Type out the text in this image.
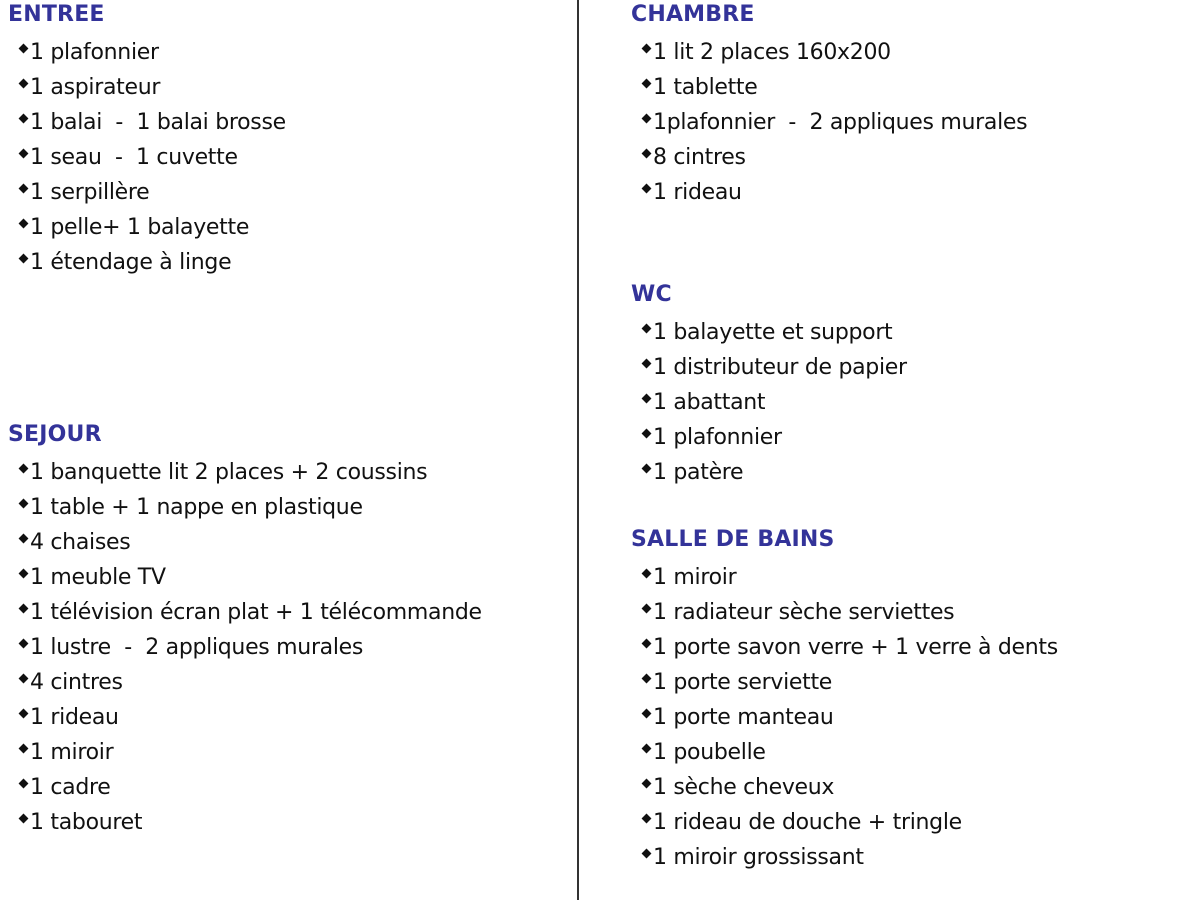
ENTREE
1 plafonnier
1 aspirateur
1 balai  -  1 balai brosse
1 seau  -  1 cuvette
1 serpillère
1 pelle+ 1 balayette
1 étendage à linge
SEJOUR
1 banquette lit 2 places + 2 coussins
1 table + 1 nappe en plastique
4 chaises
1 meuble TV
1 télévision écran plat + 1 télécommande
1 lustre  -  2 appliques murales
4 cintres
1 rideau
1 miroir
1 cadre
1 tabouret
CHAMBRE
1 lit 2 places 160x200
1 tablette
1plafonnier  -  2 appliques murales
8 cintres
1 rideau
WC
1 balayette et support
1 distributeur de papier
1 abattant
1 plafonnier
1 patère
SALLE DE BAINS
1 miroir
1 radiateur sèche serviettes
1 porte savon verre + 1 verre à dents
1 porte serviette
1 porte manteau
1 poubelle
1 sèche cheveux
1 rideau de douche + tringle
1 miroir grossissant
